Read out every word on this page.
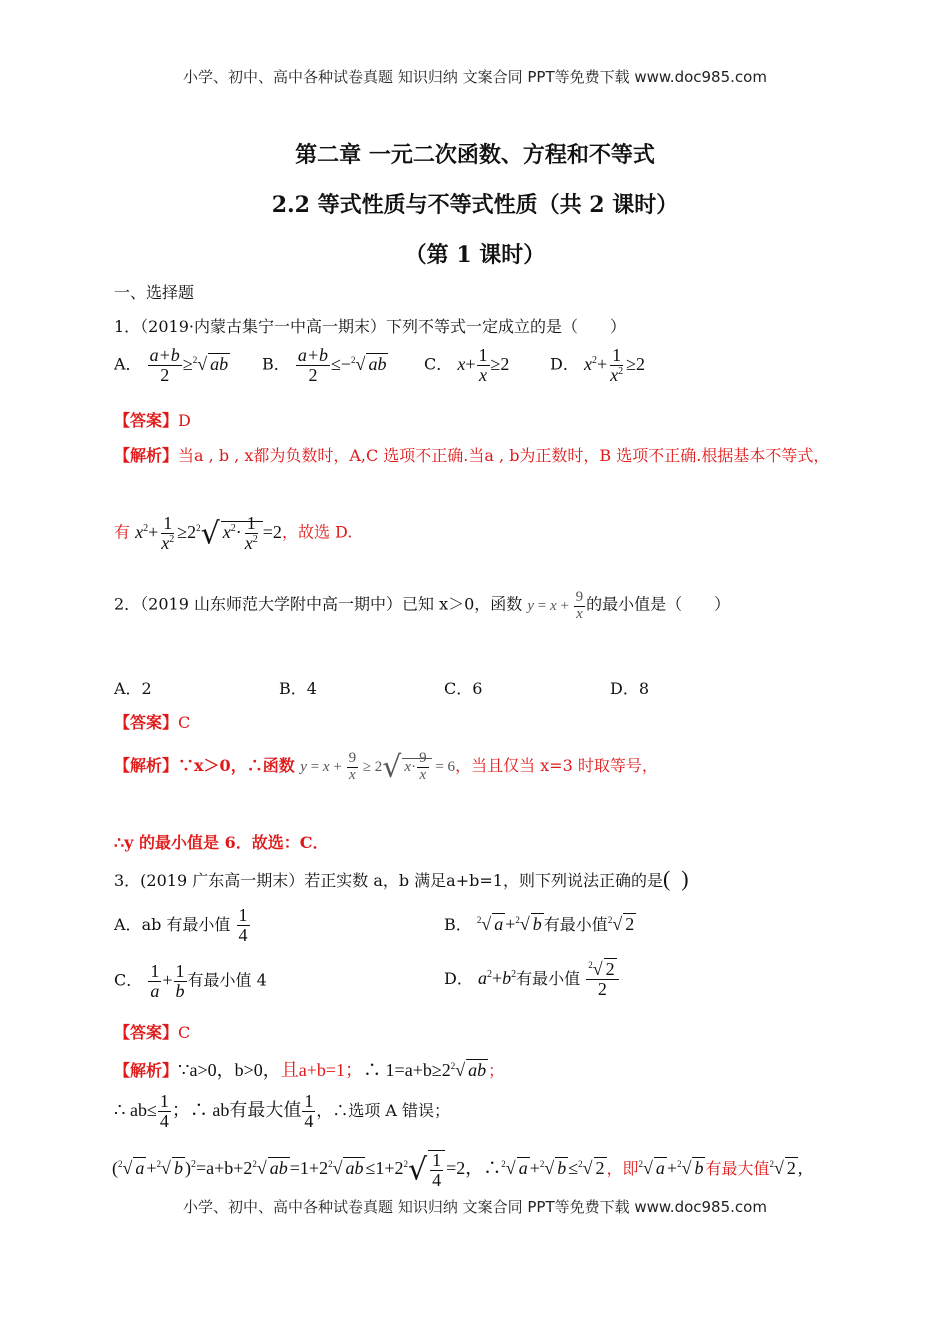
小学、初中、高中各种试卷真题 知识归纳 文案合同 PPT等免费下载 www.doc985.com
第二章 一元二次函数、方程和不等式
2.2 等式性质与不等式性质（共 2 课时）
（第 1 课时）
一、选择题
1．（2019·内蒙古集宁一中高一期末）下列不等式一定成立的是（　　）
A． $\frac{a+b}{2} \ge^2√$ ab B． $\frac{a+b}{2} \le-^2√$ ab C． $x+ \frac{1}{x} \ge 2$	D． $x^2+ \frac{1}{x^2} \ge 2$
【答案】D
【解析】当a , b , x都为负数时，A,C 选项不正确.当a , b为正数时，B 选项不正确.根据基本不等式，
有 $x^2+ \frac{1}{x^2} \ge 2^2√$ $x^2\cdot \frac{1}{x^2} =2$，故选 D.
2．（2019 山东师范大学附中高一期中）已知 x＞0，函数 $y = x + \frac{9}{x}$ 的最小值是（　　）
A．2	B．4	C．6	D．8
【答案】C
【解析】∵x＞0，∴函数 $y = x + \frac{9}{x} \ge 2√$ $x\cdot \frac{9}{x} = 6$，当且仅当 x=3 时取等号，
∴y 的最小值是 6．故选：C．
3．(2019 广东高一期末）若正实数 a，b 满足a+b=1，则下列说法正确的是(  )
A．ab 有最小值 $\frac{1}{4}$	B． $^2$√ a +$^2$√ b 有最小值$^2$√ 2
C． $\frac{1}{a} + \frac{1}{b}$ 有最小值 4	D． $a^2+b^2$有最小值 $\frac{^2√ 2}{2}$
【答案】C
【解析】∵a>0，b>0，且a+b=1；∴ $1=a+b\ge 2^2√$ ab ；
∴ $ab\le \frac{1}{4}$ ；∴ ab有最大值 $\frac{1}{4}$ ，∴选项 A 错误；
($^2$√ a +$^2$√ b )$^2=a+b+2^2√$ ab $=1+2^2√$ ab $\le 1+2^2√ \frac{1}{4} =2$，∴$^2$√ a +$^2$√ b ≤$^2$√ 2 ，即$^2$√ a +$^2$√ b 有最大值$^2$√ 2 ,
小学、初中、高中各种试卷真题 知识归纳 文案合同 PPT等免费下载 www.doc985.com
